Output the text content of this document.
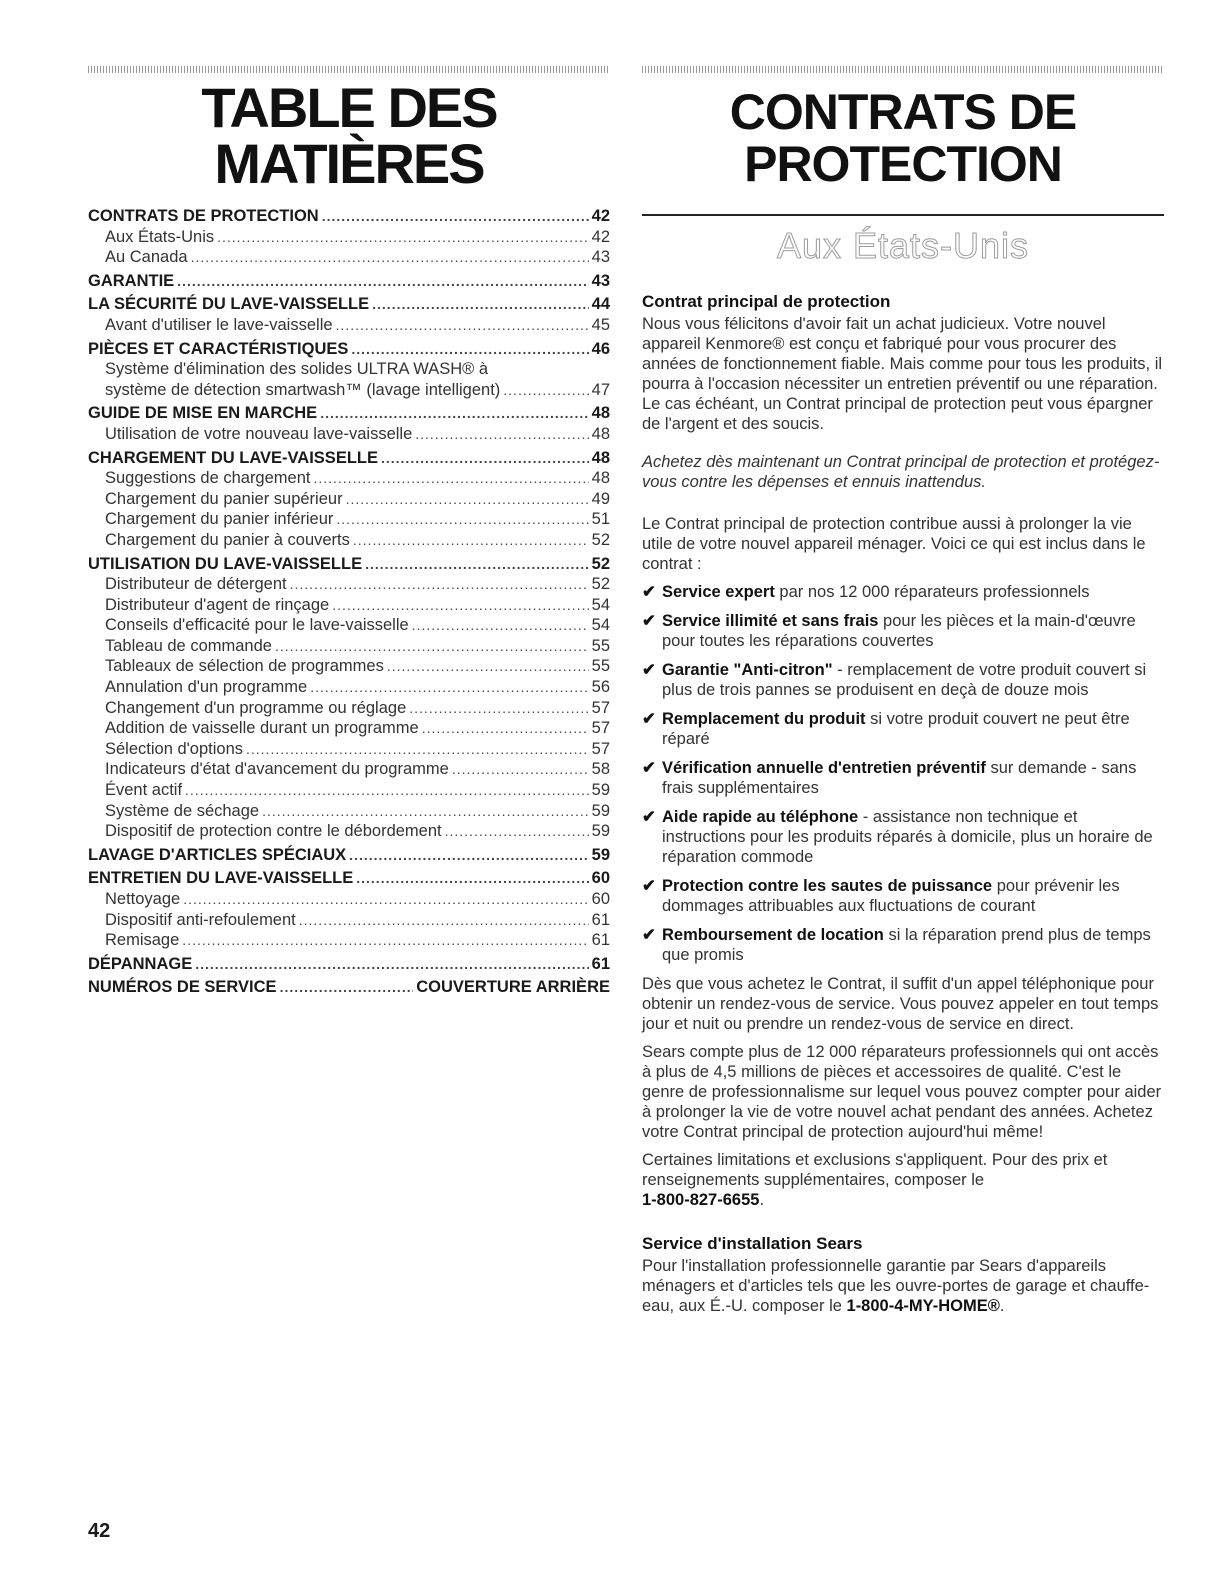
TABLE DES MATIÈRES
CONTRATS DE PROTECTION .....	42
Aux États-Unis .....	42
Au Canada .....	43
GARANTIE .....	43
LA SÉCURITÉ DU LAVE-VAISSELLE .....	44
Avant d'utiliser le lave-vaisselle .....	45
PIÈCES ET CARACTÉRISTIQUES .....	46
Système d'élimination des solides ULTRA WASH® à
système de détection smartwash™ (lavage intelligent) .....	47
GUIDE DE MISE EN MARCHE .....	48
Utilisation de votre nouveau lave-vaisselle .....	48
CHARGEMENT DU LAVE-VAISSELLE .....	48
Suggestions de chargement .....	48
Chargement du panier supérieur .....	49
Chargement du panier inférieur .....	51
Chargement du panier à couverts .....	52
UTILISATION DU LAVE-VAISSELLE .....	52
Distributeur de détergent .....	52
Distributeur d'agent de rinçage .....	54
Conseils d'efficacité pour le lave-vaisselle .....	54
Tableau de commande .....	55
Tableaux de sélection de programmes .....	55
Annulation d'un programme .....	56
Changement d'un programme ou réglage .....	57
Addition de vaisselle durant un programme .....	57
Sélection d'options .....	57
Indicateurs d'état d'avancement du programme .....	58
Évent actif .....	59
Système de séchage .....	59
Dispositif de protection contre le débordement .....	59
LAVAGE D'ARTICLES SPÉCIAUX .....	59
ENTRETIEN DU LAVE-VAISSELLE .....	60
Nettoyage .....	60
Dispositif anti-refoulement .....	61
Remisage .....	61
DÉPANNAGE .....	61
NUMÉROS DE SERVICE .....	COUVERTURE ARRIÈRE
CONTRATS DE
PROTECTION
Aux États-Unis
Contrat principal de protection

Nous vous félicitons d'avoir fait un achat judicieux. Votre nouvel appareil Kenmore® est conçu et fabriqué pour vous procurer des années de fonctionnement fiable. Mais comme pour tous les produits, il pourra à l'occasion nécessiter un entretien préventif ou une réparation. Le cas échéant, un Contrat principal de protection peut vous épargner de l'argent et des soucis.

Achetez dès maintenant un Contrat principal de protection et protégez-vous contre les dépenses et ennuis inattendus.

Le Contrat principal de protection contribue aussi à prolonger la vie utile de votre nouvel appareil ménager. Voici ce qui est inclus dans le contrat :

✔ Service expert par nos 12 000 réparateurs professionnels
✔ Service illimité et sans frais pour les pièces et la main-d'œuvre pour toutes les réparations couvertes
✔ Garantie "Anti-citron" - remplacement de votre produit couvert si plus de trois pannes se produisent en deçà de douze mois
✔ Remplacement du produit si votre produit couvert ne peut être réparé
✔ Vérification annuelle d'entretien préventif sur demande - sans frais supplémentaires
✔ Aide rapide au téléphone - assistance non technique et instructions pour les produits réparés à domicile, plus un horaire de réparation commode
✔ Protection contre les sautes de puissance pour prévenir les dommages attribuables aux fluctuations de courant
✔ Remboursement de location si la réparation prend plus de temps que promis

Dès que vous achetez le Contrat, il suffit d'un appel téléphonique pour obtenir un rendez-vous de service. Vous pouvez appeler en tout temps jour et nuit ou prendre un rendez-vous de service en direct.

Sears compte plus de 12 000 réparateurs professionnels qui ont accès à plus de 4,5 millions de pièces et accessoires de qualité. C'est le genre de professionnalisme sur lequel vous pouvez compter pour aider à prolonger la vie de votre nouvel achat pendant des années. Achetez votre Contrat principal de protection aujourd'hui même!

Certaines limitations et exclusions s'appliquent. Pour des prix et renseignements supplémentaires, composer le
1-800-827-6655.

Service d'installation Sears

Pour l'installation professionnelle garantie par Sears d'appareils ménagers et d'articles tels que les ouvre-portes de garage et chauffe-eau, aux É.-U. composer le 1-800-4-MY-HOME®.

42
